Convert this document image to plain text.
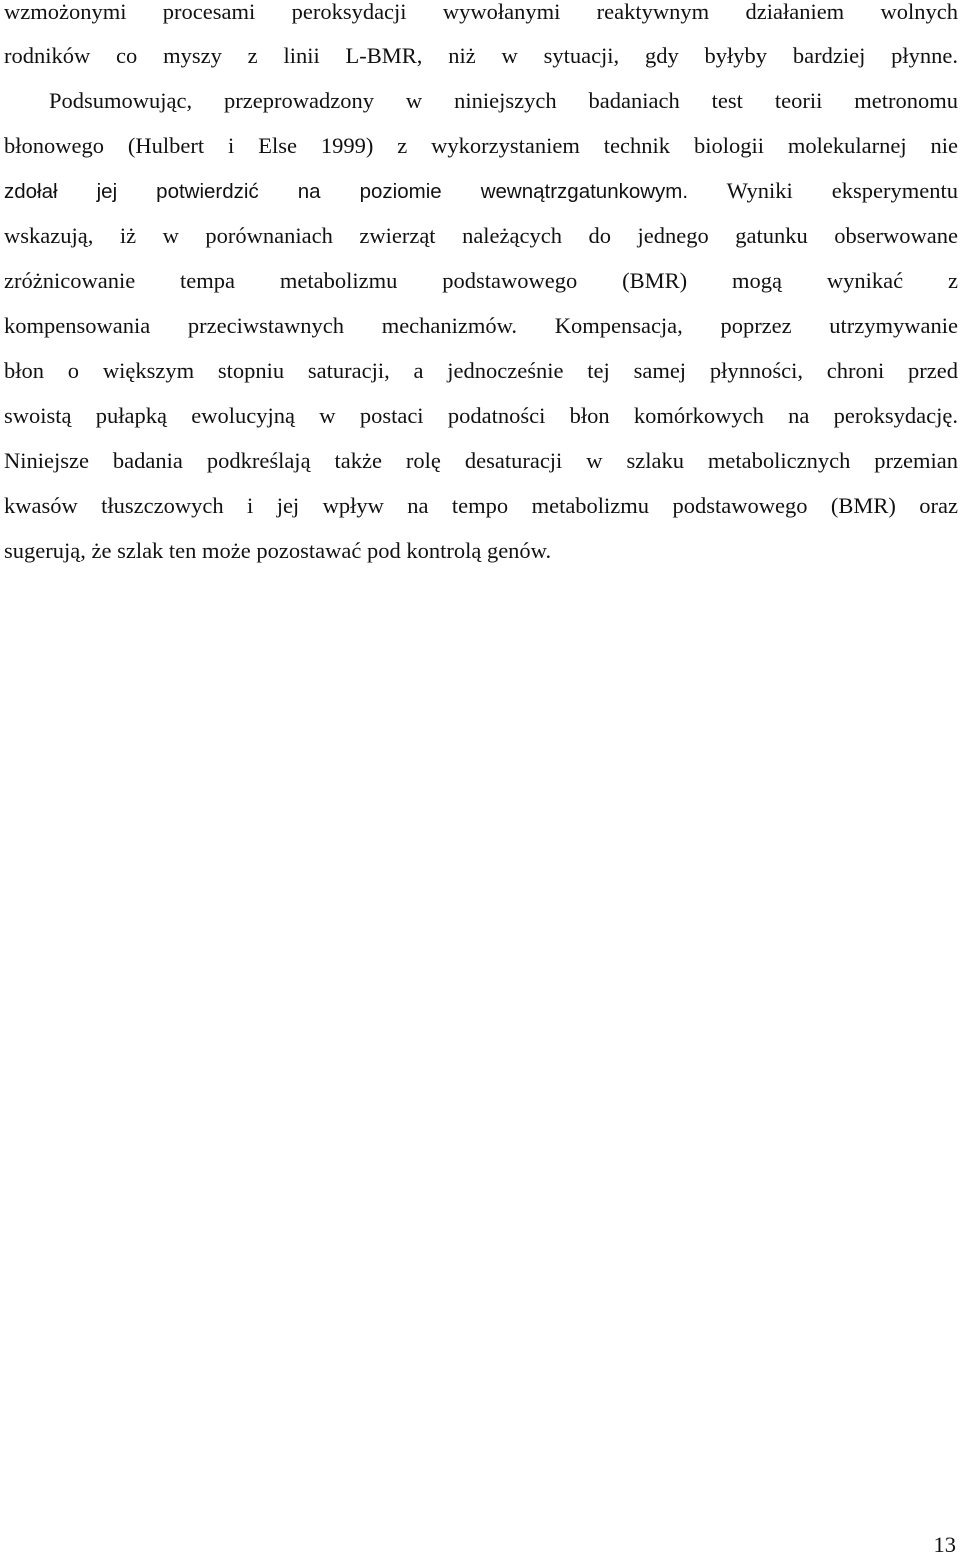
wzmożonymi procesami peroksydacji wywołanymi reaktywnym działaniem wolnych
rodników co myszy z linii L-BMR, niż w sytuacji, gdy byłyby bardziej płynne.
Podsumowując, przeprowadzony w niniejszych badaniach test teorii metronomu
błonowego (Hulbert i Else 1999) z wykorzystaniem technik biologii molekularnej nie
zdołał jej potwierdzić na poziomie wewnątrzgatunkowym. Wyniki eksperymentu
wskazują, iż w porównaniach zwierząt należących do jednego gatunku obserwowane
zróżnicowanie tempa metabolizmu podstawowego (BMR) mogą wynikać z
kompensowania przeciwstawnych mechanizmów. Kompensacja, poprzez utrzymywanie
błon o większym stopniu saturacji, a jednocześnie tej samej płynności, chroni przed
swoistą pułapką ewolucyjną w postaci podatności błon komórkowych na peroksydację.
Niniejsze badania podkreślają także rolę desaturacji w szlaku metabolicznych przemian
kwasów tłuszczowych i jej wpływ na tempo metabolizmu podstawowego (BMR) oraz
sugerują, że szlak ten może pozostawać pod kontrolą genów.
13
